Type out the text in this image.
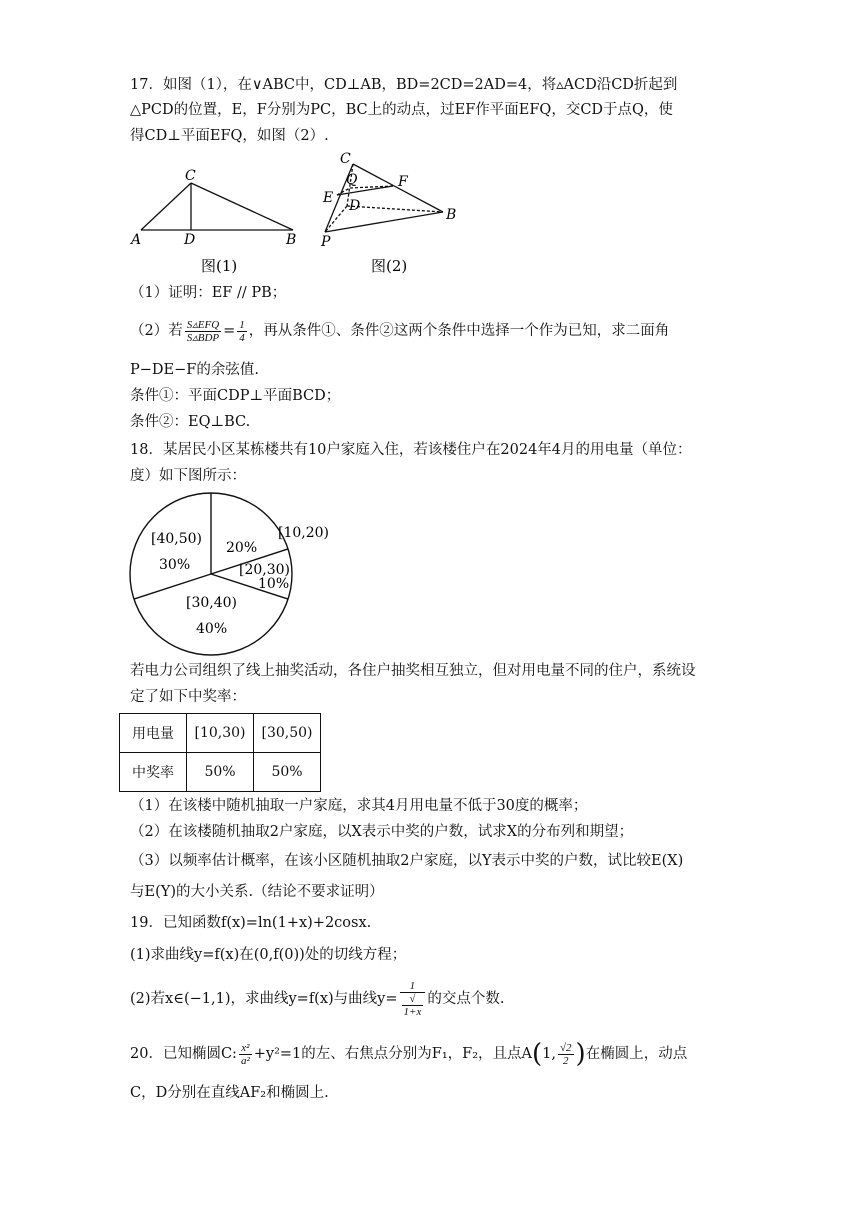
17．如图（1），在∨ABC中，CD⊥AB，BD=2CD=2AD=4，将▵ACD沿CD折起到
△PCD的位置，E，F分别为PC，BC上的动点，过EF作平面EFQ，交CD于点Q，使
得CD⊥平面EFQ，如图（2）.
A
C
D	B
图(1)
C
Q	F
E D
B
P
图(2)
（1）证明：EF // PB；
（2）若 $\frac{\text{S▵EFQ}}{\text{S▵BDP}} = \frac{1}{4}$ ，再从条件①、条件②这两个条件中选择一个作为已知，求二面角
P−DE−F的余弦值.
条件①：平面CDP⊥平面BCD；
条件②：EQ⊥BC.
18．某居民小区某栋楼共有10户家庭入住，若该楼住户在2024年4月的用电量（单位：
度）如下图所示：
[10,20)
20%
[20,30)
10%
[30,40)
40%
[40,50)
30%
若电力公司组织了线上抽奖活动，各住户抽奖相互独立，但对用电量不同的住户，系统设
定了如下中奖率：
用电量	[10,30)	[30,50)
中奖率	50%	50%
（1）在该楼中随机抽取一户家庭，求其4月用电量不低于30度的概率；
（2）在该楼随机抽取2户家庭，以X表示中奖的户数，试求X的分布列和期望；
（3）以频率估计概率，在该小区随机抽取2户家庭，以Y表示中奖的户数，试比较E(X)
与E(Y)的大小关系.（结论不要求证明）
19．已知函数f(x)=ln(1+x)+2cosx.
(1)求曲线y=f(x)在(0,f(0))处的切线方程；
(2)若x∈(−1,1)，求曲线y=f(x)与曲线y= 1
√
1+x 的交点个数.
20．已知椭圆C: $\frac{\text{x²}}{\text{a²}} +y^2=1$的左、右焦点分别为F₁，F₂，且点A(1, $\frac{√2}{2}$ )在椭圆上，动点
C，D分别在直线AF₂和椭圆上.
